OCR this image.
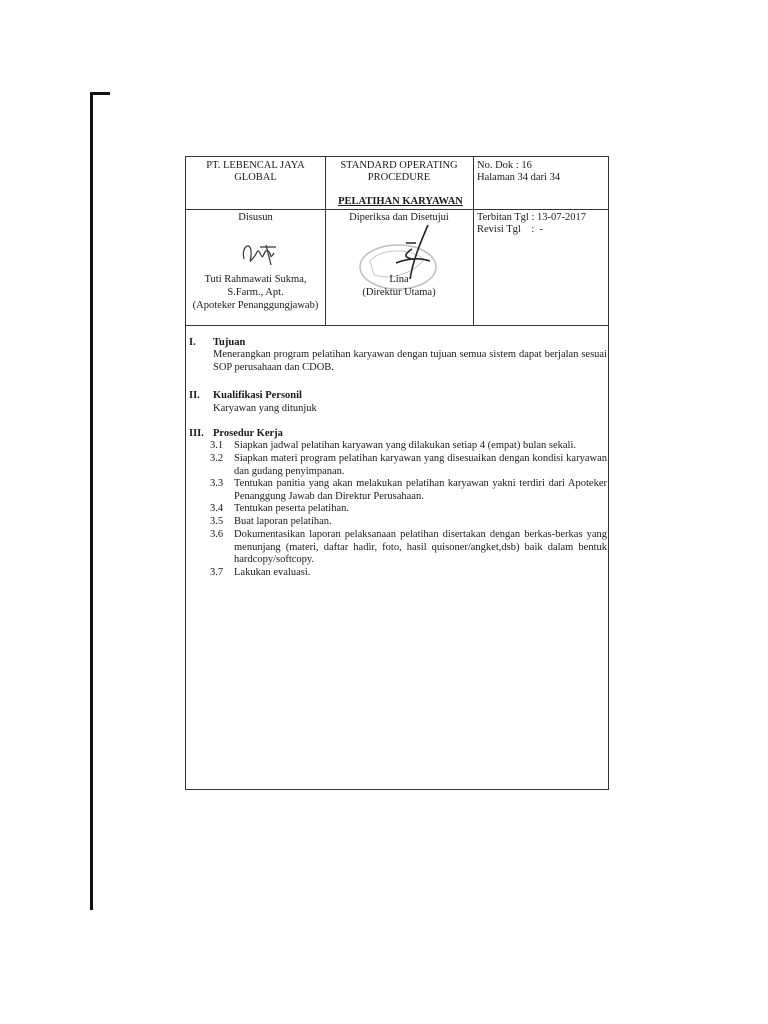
PT. LEBENCAL JAYA GLOBAL
STANDARD OPERATING PROCEDURE
PELATIHAN KARYAWAN
No. Dok : 16
Halaman 34 dari 34
Disusun
Tuti Rahmawati Sukma,
S.Farm., Apt.
(Apoteker Penanggungjawab)
Diperiksa dan Disetujui
Lina
(Direktur Utama)
Terbitan Tgl : 13-07-2017
Revisi Tgl    :  -
I. Tujuan
Menerangkan program pelatihan karyawan dengan tujuan semua sistem dapat berjalan sesuai SOP perusahaan dan CDOB.
II. Kualifikasi Personil
Karyawan yang ditunjuk
III. Prosedur Kerja
3.1 Siapkan jadwal pelatihan karyawan yang dilakukan setiap 4 (empat) bulan sekali.
3.2 Siapkan materi program pelatihan karyawan yang disesuaikan dengan kondisi karyawan dan gudang penyimpanan.
3.3 Tentukan panitia yang akan melakukan pelatihan karyawan yakni terdiri dari Apoteker Penanggung Jawab dan Direktur Perusahaan.
3.4 Tentukan peserta pelatihan.
3.5 Buat laporan pelatihan.
3.6 Dokumentasikan laporan pelaksanaan pelatihan disertakan dengan berkas-berkas yang menunjang (materi, daftar hadir, foto, hasil quisoner/angket,dsb) baik dalam bentuk hardcopy/softcopy.
3.7 Lakukan evaluasi.
